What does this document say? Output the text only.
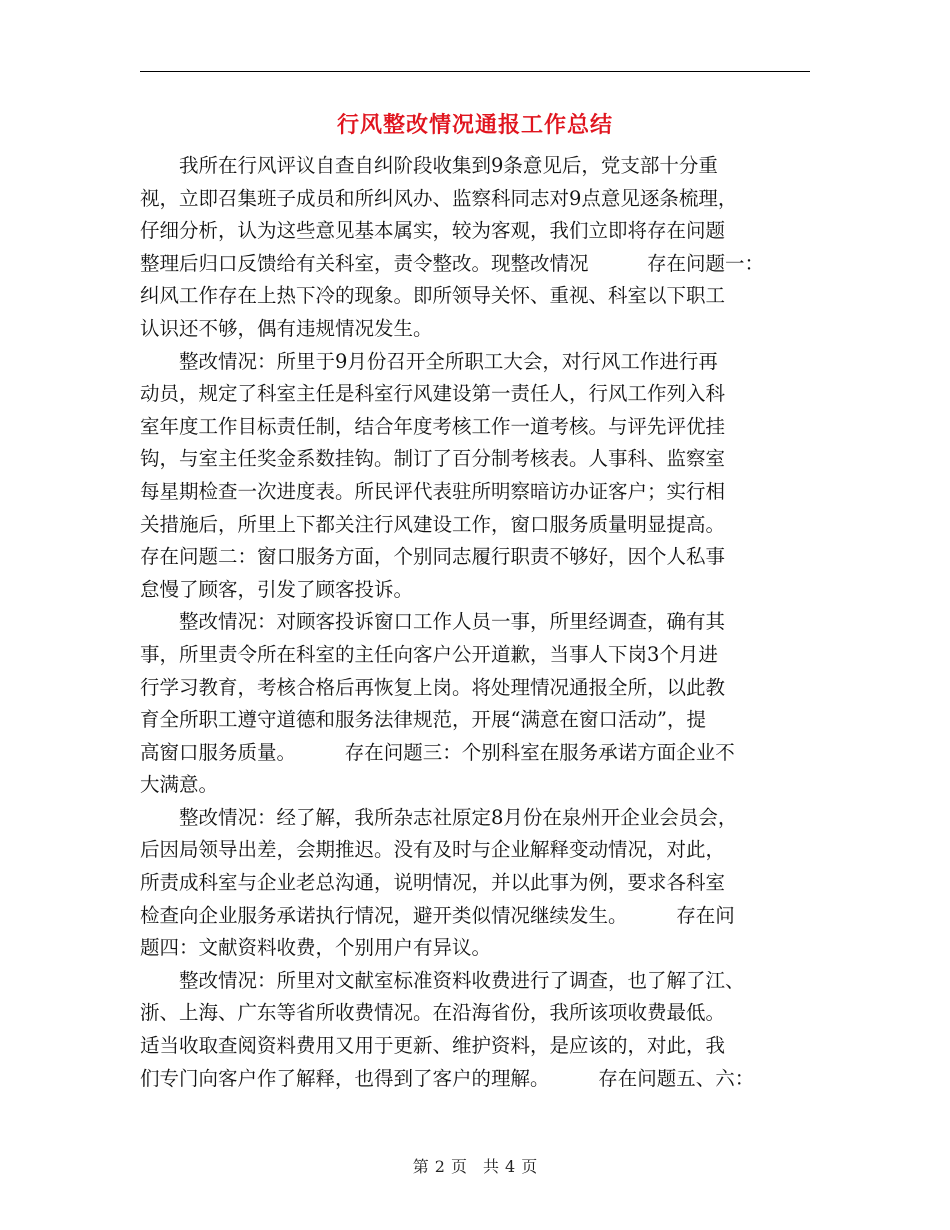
行风整改情况通报工作总结
　　我所在行风评议自查自纠阶段收集到9条意见后，党支部十分重
视，立即召集班子成员和所纠风办、监察科同志对9点意见逐条梳理，
仔细分析，认为这些意见基本属实，较为客观，我们立即将存在问题
整理后归口反馈给有关科室，责令整改。现整改情况　　　存在问题一：
纠风工作存在上热下冷的现象。即所领导关怀、重视、科室以下职工
认识还不够，偶有违规情况发生。
　　整改情况：所里于9月份召开全所职工大会，对行风工作进行再
动员，规定了科室主任是科室行风建设第一责任人，行风工作列入科
室年度工作目标责任制，结合年度考核工作一道考核。与评先评优挂
钩，与室主任奖金系数挂钩。制订了百分制考核表。人事科、监察室
每星期检查一次进度表。所民评代表驻所明察暗访办证客户；实行相
关措施后，所里上下都关注行风建设工作，窗口服务质量明显提高。
存在问题二：窗口服务方面，个别同志履行职责不够好，因个人私事
怠慢了顾客，引发了顾客投诉。
　　整改情况：对顾客投诉窗口工作人员一事，所里经调查，确有其
事，所里责令所在科室的主任向客户公开道歉，当事人下岗3个月进
行学习教育，考核合格后再恢复上岗。将处理情况通报全所，以此教
育全所职工遵守道德和服务法律规范，开展“满意在窗口活动”，提
高窗口服务质量。　　　存在问题三：个别科室在服务承诺方面企业不
大满意。
　　整改情况：经了解，我所杂志社原定8月份在泉州开企业会员会，
后因局领导出差，会期推迟。没有及时与企业解释变动情况，对此，
所责成科室与企业老总沟通，说明情况，并以此事为例，要求各科室
检查向企业服务承诺执行情况，避开类似情况继续发生。　　　存在问
题四：文献资料收费，个别用户有异议。
　　整改情况：所里对文献室标准资料收费进行了调查，也了解了江、
浙、上海、广东等省所收费情况。在沿海省份，我所该项收费最低。
适当收取查阅资料费用又用于更新、维护资料，是应该的，对此，我
们专门向客户作了解释，也得到了客户的理解。　　　存在问题五、六：
第 2 页　共 4 页
